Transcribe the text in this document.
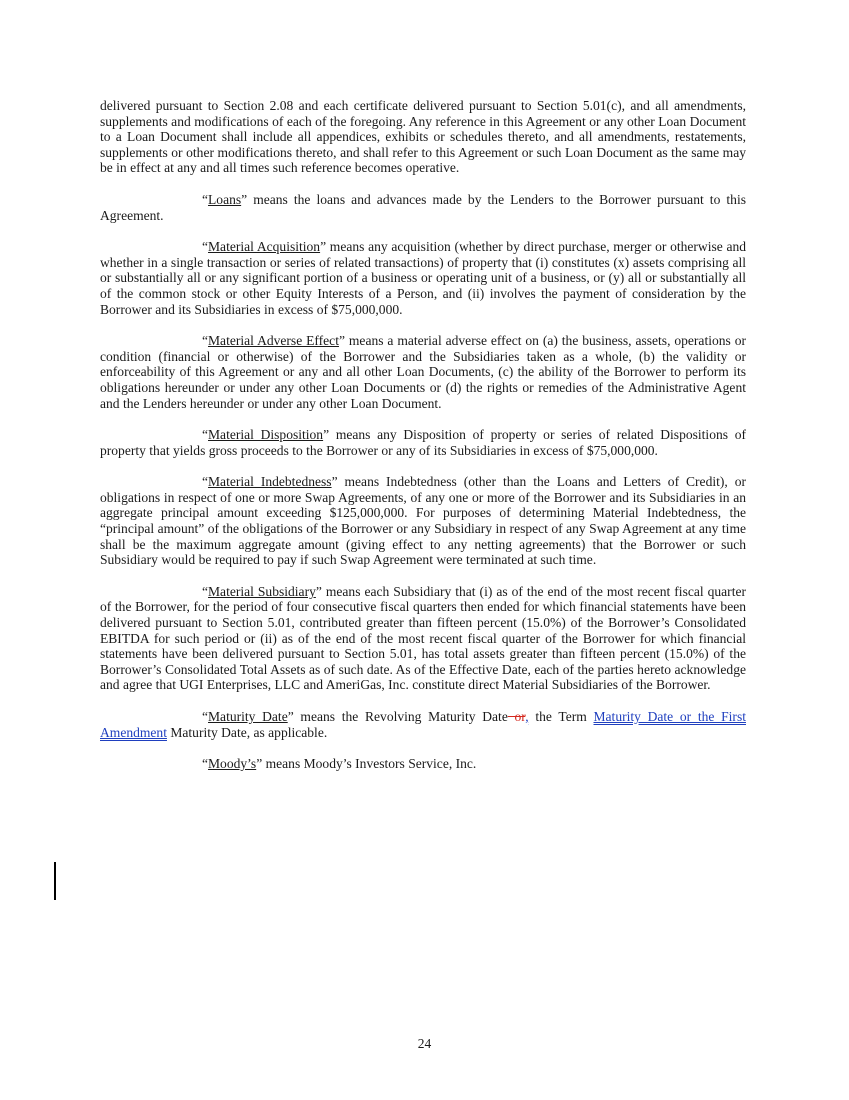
delivered pursuant to Section 2.08 and each certificate delivered pursuant to Section 5.01(c), and all amendments, supplements and modifications of each of the foregoing. Any reference in this Agreement or any other Loan Document to a Loan Document shall include all appendices, exhibits or schedules thereto, and all amendments, restatements, supplements or other modifications thereto, and shall refer to this Agreement or such Loan Document as the same may be in effect at any and all times such reference becomes operative.

“Loans” means the loans and advances made by the Lenders to the Borrower pursuant to this Agreement.

“Material Acquisition” means any acquisition (whether by direct purchase, merger or otherwise and whether in a single transaction or series of related transactions) of property that (i) constitutes (x) assets comprising all or substantially all or any significant portion of a business or operating unit of a business, or (y) all or substantially all of the common stock or other Equity Interests of a Person, and (ii) involves the payment of consideration by the Borrower and its Subsidiaries in excess of $75,000,000.

“Material Adverse Effect” means a material adverse effect on (a) the business, assets, operations or condition (financial or otherwise) of the Borrower and the Subsidiaries taken as a whole, (b) the validity or enforceability of this Agreement or any and all other Loan Documents, (c) the ability of the Borrower to perform its obligations hereunder or under any other Loan Documents or (d) the rights or remedies of the Administrative Agent and the Lenders hereunder or under any other Loan Document.

“Material Disposition” means any Disposition of property or series of related Dispositions of property that yields gross proceeds to the Borrower or any of its Subsidiaries in excess of $75,000,000.

“Material Indebtedness” means Indebtedness (other than the Loans and Letters of Credit), or obligations in respect of one or more Swap Agreements, of any one or more of the Borrower and its Subsidiaries in an aggregate principal amount exceeding $125,000,000. For purposes of determining Material Indebtedness, the “principal amount” of the obligations of the Borrower or any Subsidiary in respect of any Swap Agreement at any time shall be the maximum aggregate amount (giving effect to any netting agreements) that the Borrower or such Subsidiary would be required to pay if such Swap Agreement were terminated at such time.

“Material Subsidiary” means each Subsidiary that (i) as of the end of the most recent fiscal quarter of the Borrower, for the period of four consecutive fiscal quarters then ended for which financial statements have been delivered pursuant to Section 5.01, contributed greater than fifteen percent (15.0%) of the Borrower’s Consolidated EBITDA for such period or (ii) as of the end of the most recent fiscal quarter of the Borrower for which financial statements have been delivered pursuant to Section 5.01, has total assets greater than fifteen percent (15.0%) of the Borrower’s Consolidated Total Assets as of such date. As of the Effective Date, each of the parties hereto acknowledge and agree that UGI Enterprises, LLC and AmeriGas, Inc. constitute direct Material Subsidiaries of the Borrower.

“Maturity Date” means the Revolving Maturity Date or, the Term Maturity Date or the First Amendment Maturity Date, as applicable.

“Moody’s” means Moody’s Investors Service, Inc.

24
